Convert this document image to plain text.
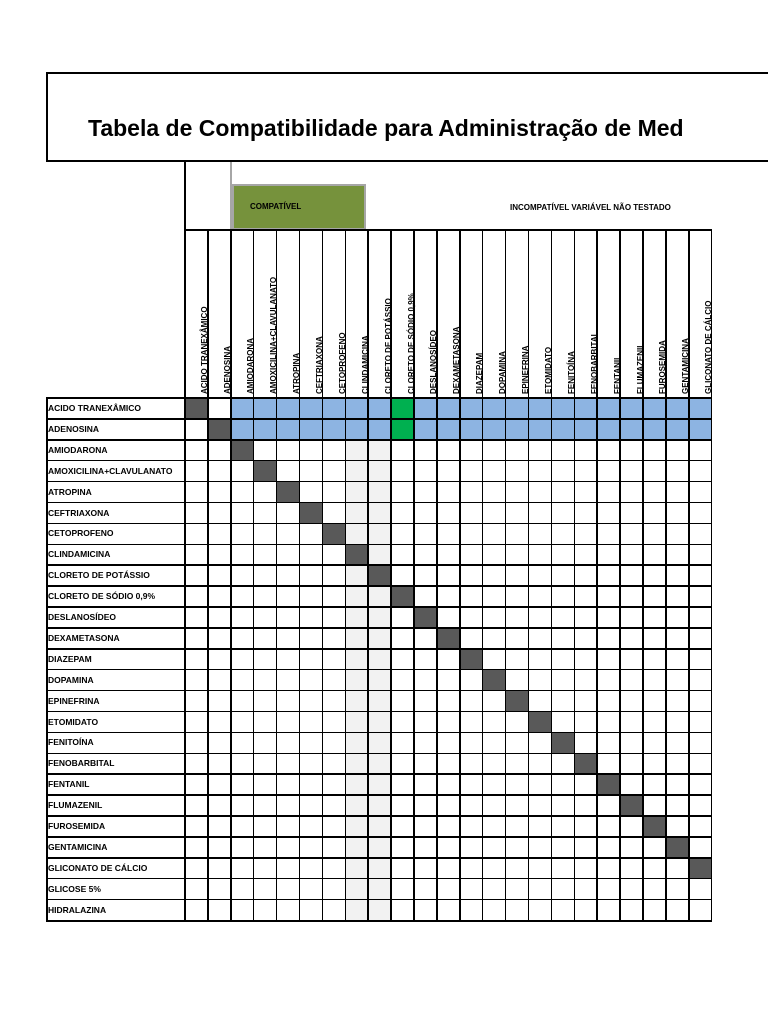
Tabela de Compatibilidade para Administração de Med
COMPATÍVEL	INCOMPATÍVEL VARIÁVEL NÃO TESTADO
ACIDO TRANEXÂMICO ADENOSINA AMIODARONA AMOXICILINA+CLAVULANATO ATROPINA CEFTRIAXONA CETOPROFENO CLINDAMICINA CLORETO DE POTÁSSIO CLORETO DE SÓDIO 0,9% DESLANOSÍDEO DEXAMETASONA DIAZEPAM DOPAMINA EPINEFRINA ETOMIDATO FENITOÍNA FENOBARBITAL FENTANIL FLUMAZENIL FUROSEMIDA GENTAMICINA GLICONATO DE CÁLCIO
ACIDO TRANEXÂMICO
ADENOSINA
AMIODARONA
AMOXICILINA+CLAVULANATO
ATROPINA
CEFTRIAXONA
CETOPROFENO
CLINDAMICINA
CLORETO DE POTÁSSIO
CLORETO DE SÓDIO 0,9%
DESLANOSÍDEO
DEXAMETASONA
DIAZEPAM
DOPAMINA
EPINEFRINA
ETOMIDATO
FENITOÍNA
FENOBARBITAL
FENTANIL
FLUMAZENIL
FUROSEMIDA
GENTAMICINA
GLICONATO DE CÁLCIO
GLICOSE 5%
HIDRALAZINA
